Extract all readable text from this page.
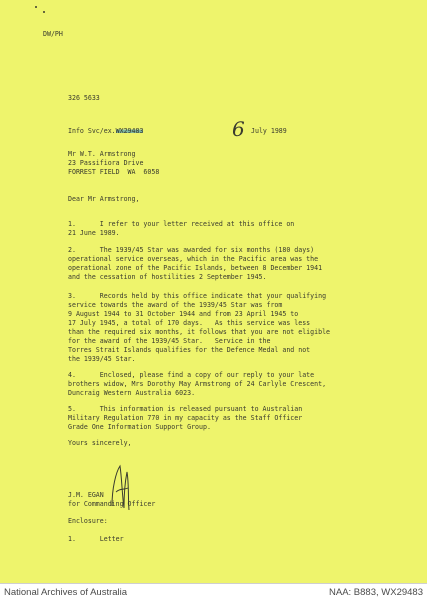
DW/PH
326 5633
Info Svc/ex.WX29483	6 July 1989
Mr W.T. Armstrong
23 Passifiora Drive
FORREST FIELD  WA  6058
Dear Mr Armstrong,
1.      I refer to your letter received at this office on
21 June 1989.
2.      The 1939/45 Star was awarded for six months (180 days)
operational service overseas, which in the Pacific area was the
operational zone of the Pacific Islands, between 8 December 1941
and the cessation of hostilities 2 September 1945.
3.      Records held by this office indicate that your qualifying
service towards the award of the 1939/45 Star was from
9 August 1944 to 31 October 1944 and from 23 April 1945 to
17 July 1945, a total of 170 days.   As this service was less
than the required six months, it follows that you are not eligible
for the award of the 1939/45 Star.   Service in the
Torres Strait Islands qualifies for the Defence Medal and not
the 1939/45 Star.
4.      Enclosed, please find a copy of our reply to your late
brothers widow, Mrs Dorothy May Armstrong of 24 Carlyle Crescent,
Duncraig Western Australia 6023.
5.      This information is released pursuant to Australian
Military Regulation 770 in my capacity as the Staff Officer
Grade One Information Support Group.
Yours sincerely,
J.M. EGAN
for Commanding Officer
Enclosure:
1.      Letter
National Archives of Australia	NAA: B883, WX29483
